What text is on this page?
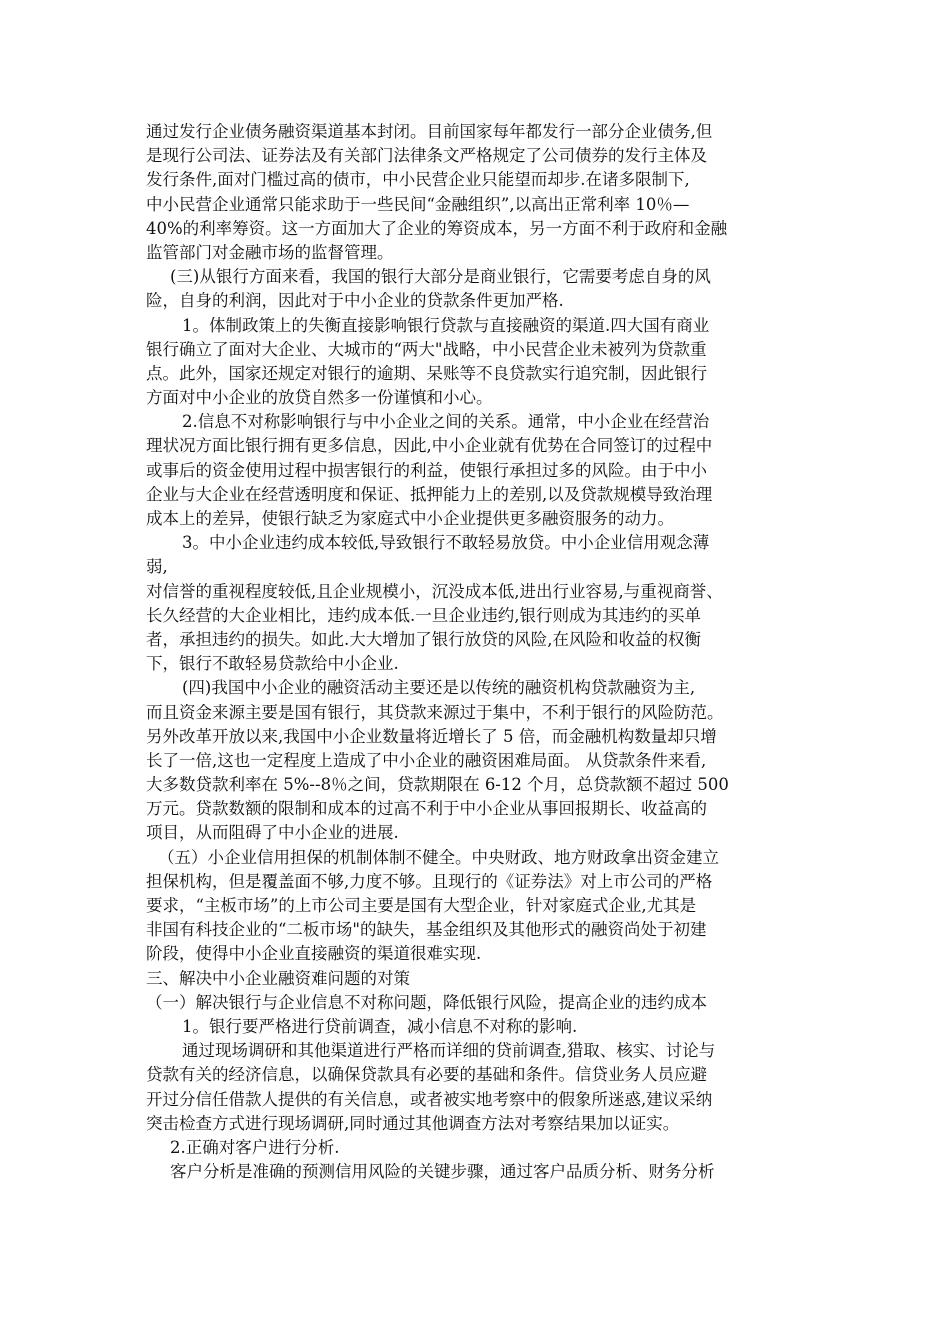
通过发行企业债务融资渠道基本封闭。目前国家每年都发行一部分企业债务,但
是现行公司法、证券法及有关部门法律条文严格规定了公司债券的发行主体及
发行条件,面对门槛过高的债市，中小民营企业只能望而却步.在诸多限制下,
中小民营企业通常只能求助于一些民间“金融组织”,以高出正常利率 10％—
40%的利率筹资。这一方面加大了企业的筹资成本，另一方面不利于政府和金融
监管部门对金融市场的监督管理。
(三)从银行方面来看，我国的银行大部分是商业银行，它需要考虑自身的风
险，自身的利润，因此对于中小企业的贷款条件更加严格.
1。体制政策上的失衡直接影响银行贷款与直接融资的渠道.四大国有商业
银行确立了面对大企业、大城市的“两大"战略，中小民营企业未被列为贷款重
点。此外，国家还规定对银行的逾期、呆账等不良贷款实行追究制，因此银行
方面对中小企业的放贷自然多一份谨慎和小心。
2.信息不对称影响银行与中小企业之间的关系。通常，中小企业在经营治
理状况方面比银行拥有更多信息，因此,中小企业就有优势在合同签订的过程中
或事后的资金使用过程中损害银行的利益，使银行承担过多的风险。由于中小
企业与大企业在经营透明度和保证、抵押能力上的差别,以及贷款规模导致治理
成本上的差异，使银行缺乏为家庭式中小企业提供更多融资服务的动力。
3。中小企业违约成本较低,导致银行不敢轻易放贷。中小企业信用观念薄
弱,
对信誉的重视程度较低,且企业规模小，沉没成本低,进出行业容易,与重视商誉、
长久经营的大企业相比，违约成本低.一旦企业违约,银行则成为其违约的买单
者，承担违约的损失。如此.大大增加了银行放贷的风险,在风险和收益的权衡
下，银行不敢轻易贷款给中小企业.
(四)我国中小企业的融资活动主要还是以传统的融资机构贷款融资为主,
而且资金来源主要是国有银行，其贷款来源过于集中，不利于银行的风险防范。
另外改革开放以来,我国中小企业数量将近增长了 5 倍，而金融机构数量却只增
长了一倍,这也一定程度上造成了中小企业的融资困难局面。 从贷款条件来看,
大多数贷款利率在 5%--8％之间，贷款期限在 6-12 个月，总贷款额不超过 500
万元。贷款数额的限制和成本的过高不利于中小企业从事回报期长、收益高的
项目，从而阻碍了中小企业的进展.
（五）小企业信用担保的机制体制不健全。中央财政、地方财政拿出资金建立
担保机构，但是覆盖面不够,力度不够。且现行的《证券法》对上市公司的严格
要求，“主板市场”的上市公司主要是国有大型企业，针对家庭式企业,尤其是
非国有科技企业的“二板市场"的缺失，基金组织及其他形式的融资尚处于初建
阶段，使得中小企业直接融资的渠道很难实现.
三、解决中小企业融资难问题的对策
（一）解决银行与企业信息不对称问题，降低银行风险，提高企业的违约成本
1。银行要严格进行贷前调查，减小信息不对称的影响.
通过现场调研和其他渠道进行严格而详细的贷前调查,猎取、核实、讨论与
贷款有关的经济信息，以确保贷款具有必要的基础和条件。信贷业务人员应避
开过分信任借款人提供的有关信息，或者被实地考察中的假象所迷惑,建议采纳
突击检查方式进行现场调研,同时通过其他调查方法对考察结果加以证实。
2.正确对客户进行分析.
客户分析是准确的预测信用风险的关键步骤，通过客户品质分析、财务分析
